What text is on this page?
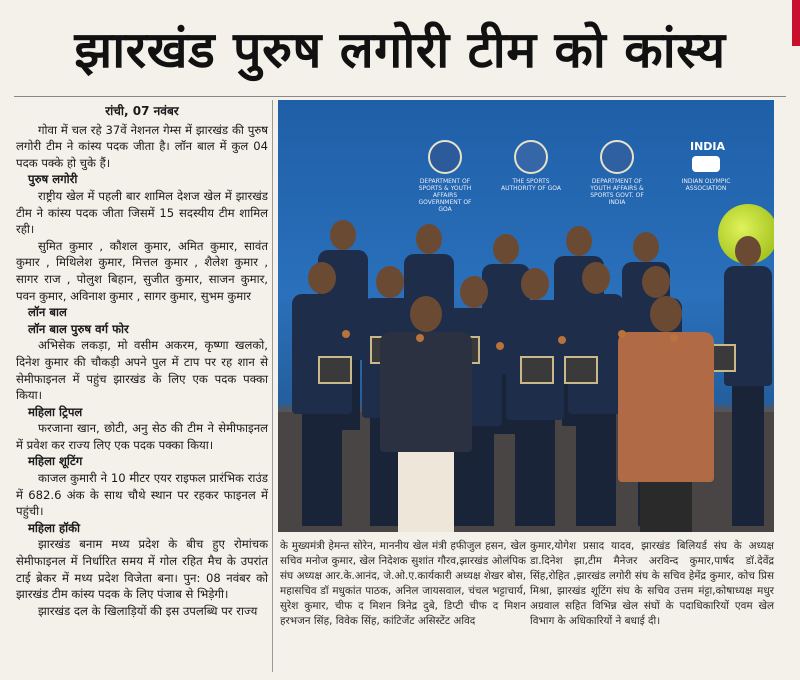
झारखंड पुरुष लगोरी टीम को कांस्य
रांची, 07 नवंबर

गोवा में चल रहे 37वें नेशनल गेम्स में झारखंड की पुरुष लगोरी टीम ने कांस्य पदक जीता है। लॉन बाल में कुल 04 पदक पक्के हो चुके हैं।

पुरुष लगोरी

राष्ट्रीय खेल में पहली बार शामिल देशज खेल में झारखंड टीम ने कांस्य पदक जीता जिसमें 15 सदस्यीय टीम शामिल रही।

सुमित कुमार , कौशल कुमार, अमित कुमार, सावंत कुमार , मिथिलेश कुमार, मित्तल कुमार , शैलेश कुमार , सागर राज , पोलुश बिहान, सुजीत कुमार, साजन कुमार, पवन कुमार, अविनाश कुमार , सागर कुमार, सुभम कुमार

लॉन बाल
लॉन बाल पुरुष वर्ग फोर

अभिसेक लकड़ा, मो वसीम अकरम, कृष्णा खलको, दिनेश कुमार की चौकड़ी अपने पुल में टाप पर रह शान से सेमीफाइनल में पहुंच झारखंड के लिए एक पदक पक्का किया।

महिला ट्रिपल

फरजाना खान, छोटी, अनु सेठ की टीम ने सेमीफाइनल में प्रवेश कर राज्य लिए एक पदक पक्का किया।

महिला शूटिंग

काजल कुमारी ने 10 मीटर एयर राइफल प्रारंभिक राउंड में 682.6 अंक के साथ चौथे स्थान पर रहकर फाइनल में पहुंची।

महिला हॉकी

झारखंड बनाम मध्य प्रदेश के बीच हुए रोमांचक सेमीफाइनल में निर्धारित समय में गोल रहित मैच के उपरांत टाई ब्रेकर में मध्य प्रदेश विजेता बना। पुन: 08 नवंबर को झारखंड टीम कांस्य पदक के लिए पंजाब से भिड़ेगी।

झारखंड दल के खिलाड़ियों की इस उपलब्धि पर राज्य

DEPARTMENT OF SPORTS & YOUTH AFFAIRS GOVERNMENT OF GOA
THE SPORTS AUTHORITY OF GOA
DEPARTMENT OF YOUTH AFFAIRS & SPORTS GOVT. OF INDIA
INDIA
INDIAN OLYMPIC ASSOCIATION
के मुख्यमंत्री हेमन्त सोरेन, माननीय खेल मंत्री हफीजुल हसन, खेल सचिव मनोज कुमार, खेल निदेशक सुशांत गौरव,झारखंड ओलंपिक संघ अध्यक्ष आर.के.आनंद, जे.ओ.ए.कार्यकारी अध्यक्ष शेखर बोस, महासचिव डॉ मधुकांत पाठक, अनिल जायसवाल, चंचल भट्टाचार्य, सुरेश कुमार, चीफ द मिशन त्रिनेद्र दुबे, डिप्टी चीफ द मिशन हरभजन सिंह, विवेक सिंह, कांटिजेंट असिस्टेंट अविद
कुमार,योगेश प्रसाद यादव, झारखंड बिलियर्ड संघ के अध्यक्ष डा.दिनेश झा,टीम मैनेजर अरविन्द कुमार,पार्षद डॉ.देवेंद्र सिंह,रोहित ,झारखंड लगोरी संघ के सचिव हेमेंद्र कुमार, कोच प्रिस मिश्रा, झारखंड शूटिंग संघ के सचिव उत्तम मंट्टा,कोषाध्यक्ष मधुर अग्रवाल सहित विभिन्न खेल संघों के पदाधिकारियों एवम खेल विभाग के अधिकारियों ने बधाई दी।
